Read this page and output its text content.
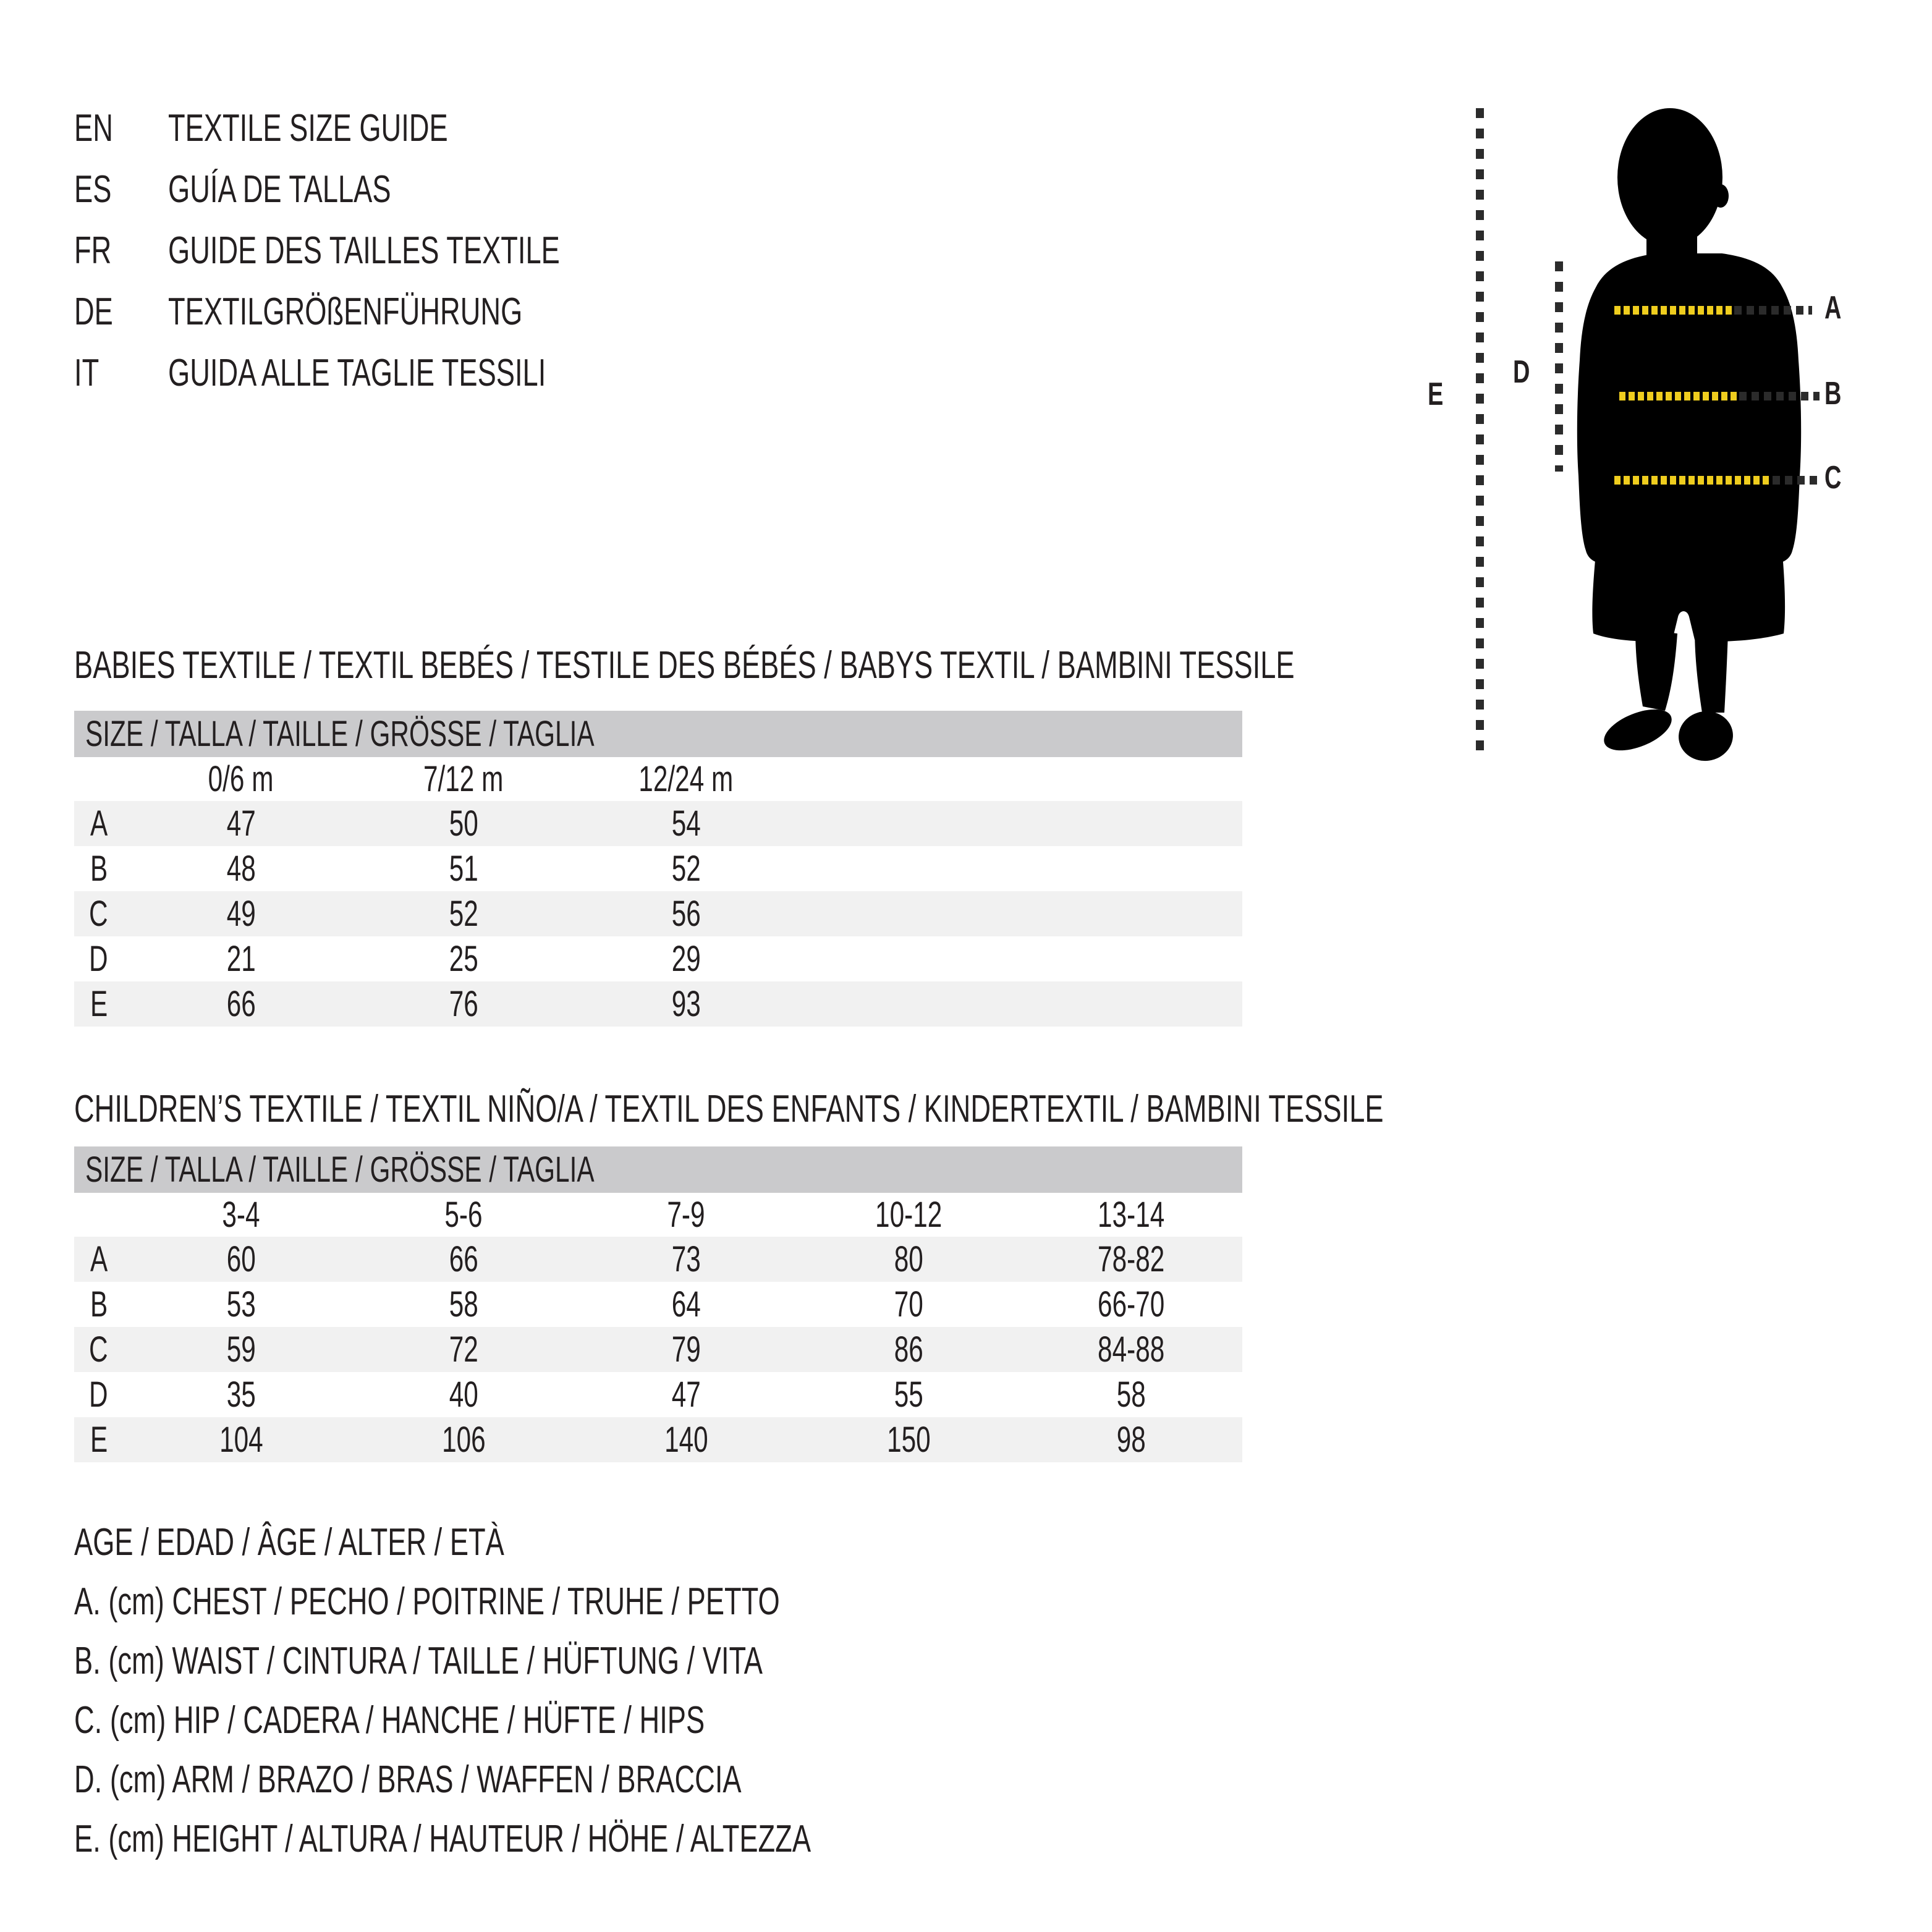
EN TEXTILE SIZE GUIDE
ES GUÍA DE TALLAS
FR GUIDE DES TAILLES TEXTILE
DE TEXTILGRÖßENFÜHRUNG
IT GUIDA ALLE TAGLIE TESSILI	E
D
A
B
C
BABIES TEXTILE / TEXTIL BEBÉS / TESTILE DES BÉBÉS / BABYS TEXTIL / BAMBINI TESSILE
SIZE / TALLA / TAILLE / GRÖSSE / TAGLIA					
	0/6 m	7/12 m	12/24 m		
A	47	50	54		
B	48	51	52		
C	49	52	56		
D	21	25	29		
E	66	76	93		
CHILDREN’S TEXTILE / TEXTIL NIÑO/A / TEXTIL DES ENFANTS / KINDERTEXTIL / BAMBINI TESSILE
SIZE / TALLA / TAILLE / GRÖSSE / TAGLIA					
	3-4	5-6	7-9	10-12	13-14
A	60	66	73	80	78-82
B	53	58	64	70	66-70
C	59	72	79	86	84-88
D	35	40	47	55	58
E	104	106	140	150	98
AGE / EDAD / ÂGE / ALTER / ETÀ
A. (cm) CHEST / PECHO / POITRINE / TRUHE / PETTO
B. (cm) WAIST / CINTURA / TAILLE / HÜFTUNG / VITA
C. (cm) HIP / CADERA / HANCHE / HÜFTE / HIPS
D. (cm) ARM / BRAZO / BRAS / WAFFEN / BRACCIA
E. (cm) HEIGHT / ALTURA / HAUTEUR / HÖHE / ALTEZZA
